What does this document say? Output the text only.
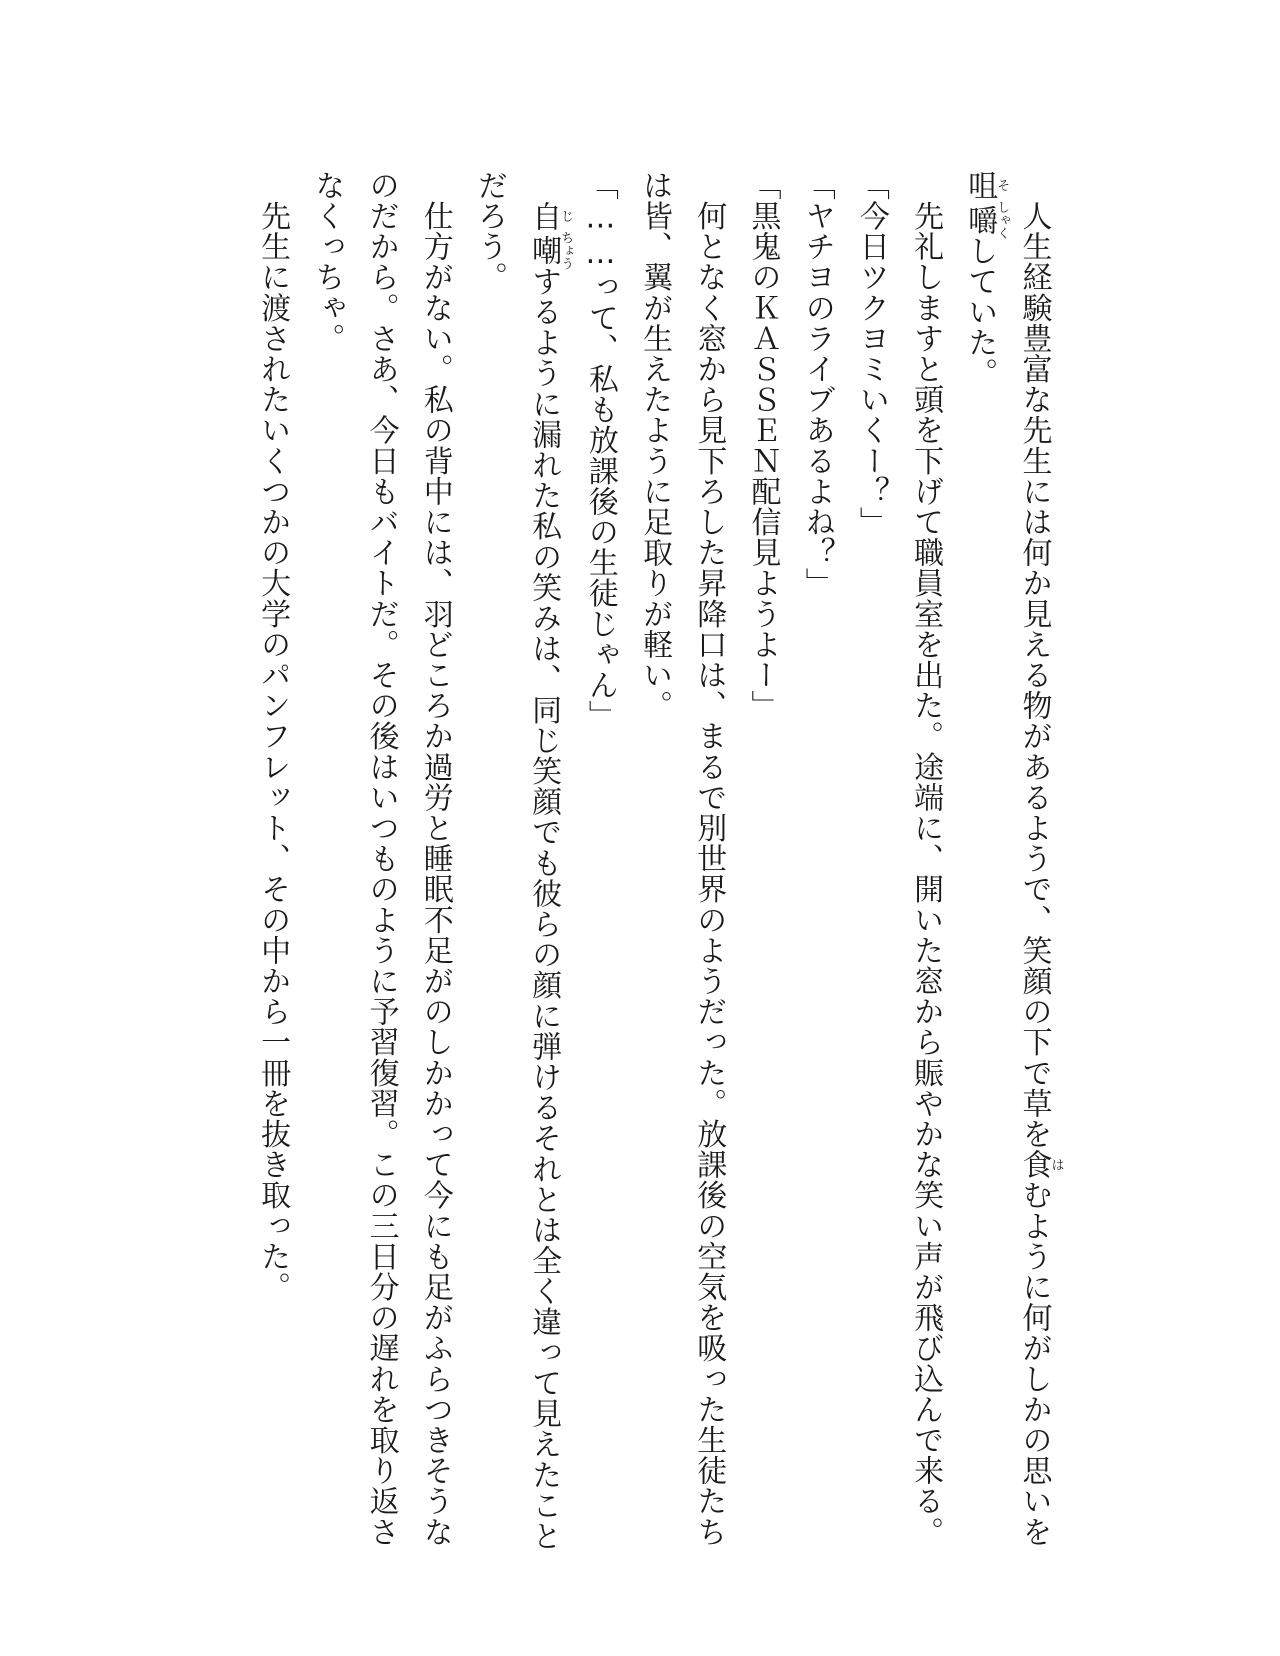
　人生経験豊富な先生には何か見える物があるようで、笑顔の下で草を食はむように何がしかの思いを咀そ嚼しゃくしていた。

　先礼しますと頭を下げて職員室を出た。途端に、開いた窓から賑やかな笑い声が飛び込んで来る。

「今日ツクヨミいくー？」

「ヤチヨのライブあるよね？」

「黒鬼のＫＡＳＳＥＮ配信見ようよー」

　何となく窓から見下ろした昇降口は、まるで別世界のようだった。放課後の空気を吸った生徒たちは皆、翼が生えたように足取りが軽い。

「……って、私も放課後の生徒じゃん」

　自じ嘲ちょうするように漏れた私の笑みは、同じ笑顔でも彼らの顔に弾けるそれとは全く違って見えたことだろう。

　仕方がない。私の背中には、羽どころか過労と睡眠不足がのしかかって今にも足がふらつきそうなのだから。さあ、今日もバイトだ。その後はいつものように予習復習。この三日分の遅れを取り返さなくっちゃ。

　先生に渡されたいくつかの大学のパンフレット、その中から一冊を抜き取った。
